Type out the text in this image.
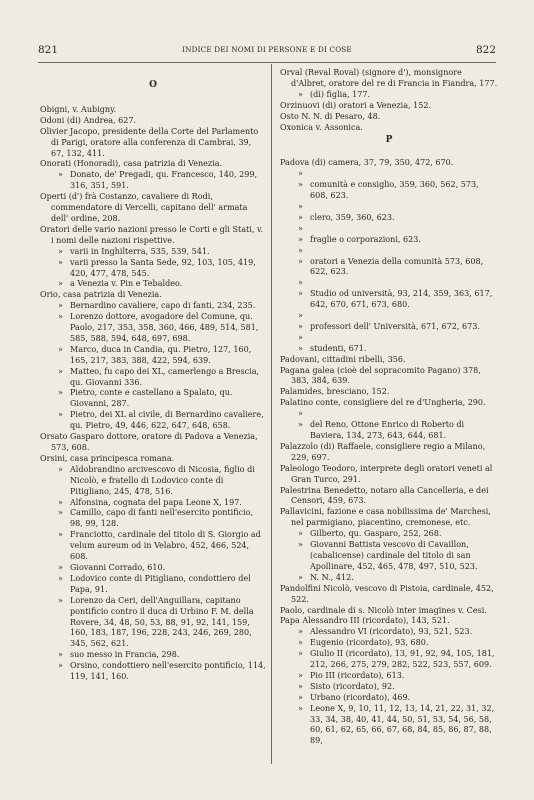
821	INDICE DEI NOMI DI PERSONE E DI COSE	822
O

Obigni, v. Aubigny.

Odoni (di) Andrea, 627.

Olivier Jacopo, presidente della Corte del Parlamento di Parigi, oratore alla conferenza di Cambrai, 39, 67, 132, 411.

Onorati (Honoradi), casa patrizia di Venezia.

» Donato, de' Pregadi, qu. Francesco, 140, 299, 316, 351, 591.

Operti (d') frà Costanzo, cavaliere di Rodi, commendatore di Vercelli, capitano dell' armata dell' ordine, 208.

Oratori delle vario nazioni presso le Corti e gli Stati, v. i nomi delle nazioni rispettive.

» varii in Inghilterra, 535, 539, 541.

» varii presso la Santa Sede, 92, 103, 105, 419, 420, 477, 478, 545.

» a Venezia v. Pin e Tebaldeo.

Orio, casa patrizia di Venezia.

» Bernardino cavaliere, capo di fanti, 234, 235.

» Lorenzo dottore, avogadore del Comune, qu. Paolo, 217, 353, 358, 360, 466, 489, 514, 581, 585, 588, 594, 648, 697, 698.

» Marco, duca in Candia, qu. Pietro, 127, 160, 165, 217, 383, 388, 422, 594, 639.

» Matteo, fu capo dei XL, camerlengo a Brescia, qu. Giovanni 336.

» Pietro, conte e castellano a Spalato, qu. Giovanni, 287.

» Pietro, dei XL al civile, di Bernardino cavaliere, qu. Pietro, 49, 446, 622, 647, 648, 658.

Orsato Gasparo dottore, oratore di Padova a Venezia, 573, 608.

Orsini, casa principesca romana.

» Aldobrandino arcivescovo di Nicosia, figlio di Nicolò, e fratello di Lodovico conte di Pitigliano, 245, 478, 516.

» Alfonsina, cognata del papa Leone X, 197.

» Camillo, capo di fanti nell'esercito pontificio, 98, 99, 128.

» Franciotto, cardinale del titolo di S. Giorgio ad velum aureum od in Velabro, 452, 466, 524, 608.

» Giovanni Corrado, 610.

» Lodovico conte di Pitigliano, condottiero del Papa, 91.

» Lorenzo da Ceri, dell'Anguillara, capitano pontificio contro il duca di Urbino F. M. della Rovere, 34, 48, 50, 53, 88, 91, 92, 141, 159, 160, 183, 187, 196, 228, 243, 246, 269, 280, 345, 562, 621.

» suo messo in Francia, 298.

» Orsino, condottiero nell'esercito pontificio, 114, 119, 141, 160.

Orval (Reval Roval) (signore d'), monsignore d'Albret, oratore del re di Francia in Fiandra, 177.

» (di) figlia, 177.

Orzinuovi (di) oratori a Venezia, 152.

Osto N. N. di Pesaro, 48.

Oxonica v. Assonica.

P

Padova (di) camera, 37, 79, 350, 472, 670.

» » comunità e consiglio, 359, 360, 562, 573, 608, 623.

» » clero, 359, 360, 623.

» » fraglie o corporazioni, 623.

» » oratori a Venezia della comunità 573, 608, 622, 623.

» » Studio od università, 93, 214, 359, 363, 617, 642, 670, 671, 673, 680.

» » professori dell' Università, 671, 672, 673.

» » studenti, 671.

Padovani, cittadini ribelli, 356.

Pagana galea (cioè del sopracomito Pagano) 378, 383, 384, 639.

Palamides, bresciano, 152.

Palatino conte, consigliere del re d'Ungheria, 290.

» » del Reno, Ottone Enrico di Roberto di Baviera, 134, 273, 643, 644, 681.

Palazzolo (di) Raffaele, consigliere regio a Milano, 229, 697.

Paleologo Teodoro, interprete degli oratori veneti al Gran Turco, 291.

Palestrina Benedetto, notaro alla Cancelleria, e dei Censori, 459, 673.

Pallavicini, fazione e casa nobilissima de' Marchesi, nel parmigiano, piacentino, cremonese, etc.

» Gilberto, qu. Gasparo, 252, 268.

» Giovanni Battista vescovo di Cavaillon, (cabalicense) cardinale del titolo di san Apollinare, 452, 465, 478, 497, 510, 523.

» N. N., 412.

Pandolfini Nicolò, vescovo di Pistoia, cardinale, 452, 522.

Paolo, cardinale di s. Nicolò inter imagines v. Cesi.

Papa Alessandro III (ricordato), 143, 521.

» Alessandro VI (ricordato), 93, 521, 523.

» Eugenio (ricordato), 93, 680.

» Giulio II (ricordato), 13, 91, 92, 94, 105, 181, 212, 266, 275, 279, 282, 522, 523, 557, 609.

» Pio III (ricordato), 613.

» Sisto (ricordato), 92.

» Urbano (ricordato), 469.

» Leone X, 9, 10, 11, 12, 13, 14, 21, 22, 31, 32, 33, 34, 38, 40, 41, 44, 50, 51, 53, 54, 56, 58, 60, 61, 62, 65, 66, 67, 68, 84, 85, 86, 87, 88, 89,
